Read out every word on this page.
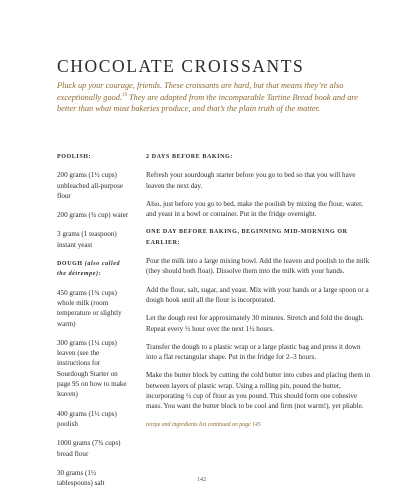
CHOCOLATE CROISSANTS

Pluck up your courage, friends. These croissants are hard, but that means they’re also exceptionally good.$^{19}$ They are adapted from the incomparable Tartine Bread book and are better than what most bakeries produce, and that’s the plain truth of the matter.

POOLISH:
200 grams (1½ cups) unbleached all-purpose flour
200 grams (¾ cup) water
3 grams (1 teaspoon) instant yeast
DOUGH (also called the détrempe):
450 grams (1¾ cups) whole milk (room temperature or slightly warm)
300 grams (1¼ cups) leaven (see the instructions for Sourdough Starter on page 95 on how to make leaven)
400 grams (1½ cups) poolish
1000 grams (7¾ cups) bread flour
30 grams (1½ tablespoons) salt
2 DAYS BEFORE BAKING:

Refresh your sourdough starter before you go to bed so that you will have leaven the next day.

Also, just before you go to bed, make the poolish by mixing the flour, water, and yeast in a bowl or container. Put in the fridge overnight.

ONE DAY BEFORE BAKING, BEGINNING MID-MORNING OR EARLIER:

Pour the milk into a large mixing bowl. Add the leaven and poolish to the milk (they should both float). Dissolve them into the milk with your hands.

Add the flour, salt, sugar, and yeast. Mix with your hands or a large spoon or a dough hook until all the flour is incorporated.

Let the dough rest for approximately 30 minutes. Stretch and fold the dough. Repeat every ½ hour over the next 1½ hours.

Transfer the dough to a plastic wrap or a large plastic bag and press it down into a flat rectangular shape. Put in the fridge for 2–3 hours.

Make the butter block by cutting the cold butter into cubes and placing them in between layers of plastic wrap. Using a rolling pin, pound the butter, incorporating ½ cup of flour as you pound. This should form one cohesive mass. You want the butter block to be cool and firm (not warm!), yet pliable.

recipe and ingredients list continued on page 145
142
